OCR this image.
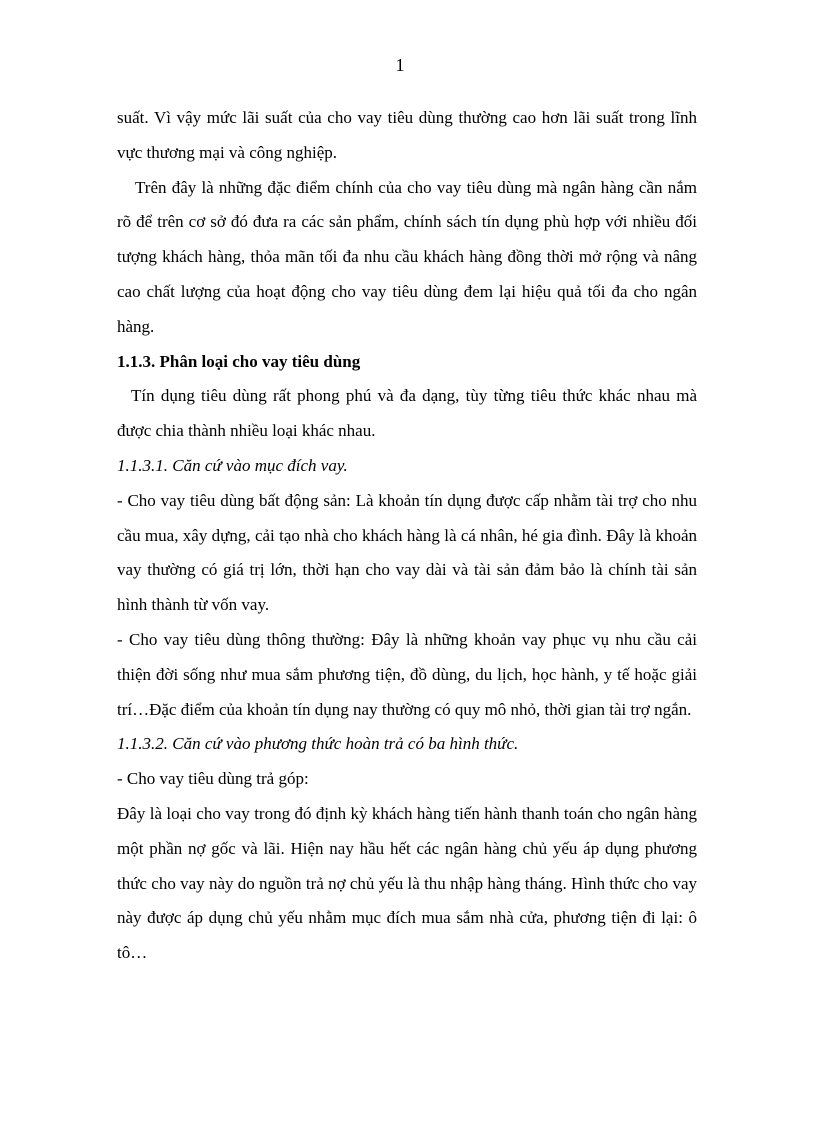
1

suất. Vì vậy mức lãi suất của cho vay tiêu dùng thường cao hơn lãi suất trong lĩnh vực thương mại và công nghiệp.

Trên đây là những đặc điểm chính của cho vay tiêu dùng mà ngân hàng cần nắm rõ để trên cơ sở đó đưa ra các sản phẩm, chính sách tín dụng phù hợp với nhiều đối tượng khách hàng, thỏa mãn tối đa nhu cầu khách hàng đồng thời mở rộng và nâng cao chất lượng của hoạt động cho vay tiêu dùng đem lại hiệu quả tối đa cho ngân hàng.

1.1.3. Phân loại cho vay tiêu dùng

Tín dụng tiêu dùng rất phong phú và đa dạng, tùy từng tiêu thức khác nhau mà được chia thành nhiều loại khác nhau.

1.1.3.1. Căn cứ vào mục đích vay.

- Cho vay tiêu dùng bất động sản: Là khoản tín dụng được cấp nhằm tài trợ cho nhu cầu mua, xây dựng, cải tạo nhà cho khách hàng là cá nhân, hé gia đình. Đây là khoản vay thường có giá trị lớn, thời hạn cho vay dài và tài sản đảm bảo là chính tài sản hình thành từ vốn vay.

- Cho vay tiêu dùng thông thường: Đây là những khoản vay phục vụ nhu cầu cải thiện đời sống như mua sắm phương tiện, đồ dùng, du lịch, học hành, y tế hoặc giải trí…Đặc điểm của khoản tín dụng nay thường có quy mô nhỏ, thời gian tài trợ ngắn.

1.1.3.2. Căn cứ vào phương thức hoàn trả có ba hình thức.

- Cho vay tiêu dùng trả góp:

Đây là loại cho vay trong đó định kỳ khách hàng tiến hành thanh toán cho ngân hàng một phần nợ gốc và lãi. Hiện nay hầu hết các ngân hàng chủ yếu áp dụng phương thức cho vay này do nguồn trả nợ chủ yếu là thu nhập hàng tháng. Hình thức cho vay này được áp dụng chủ yếu nhằm mục đích mua sắm nhà cửa, phương tiện đi lại: ô tô…
